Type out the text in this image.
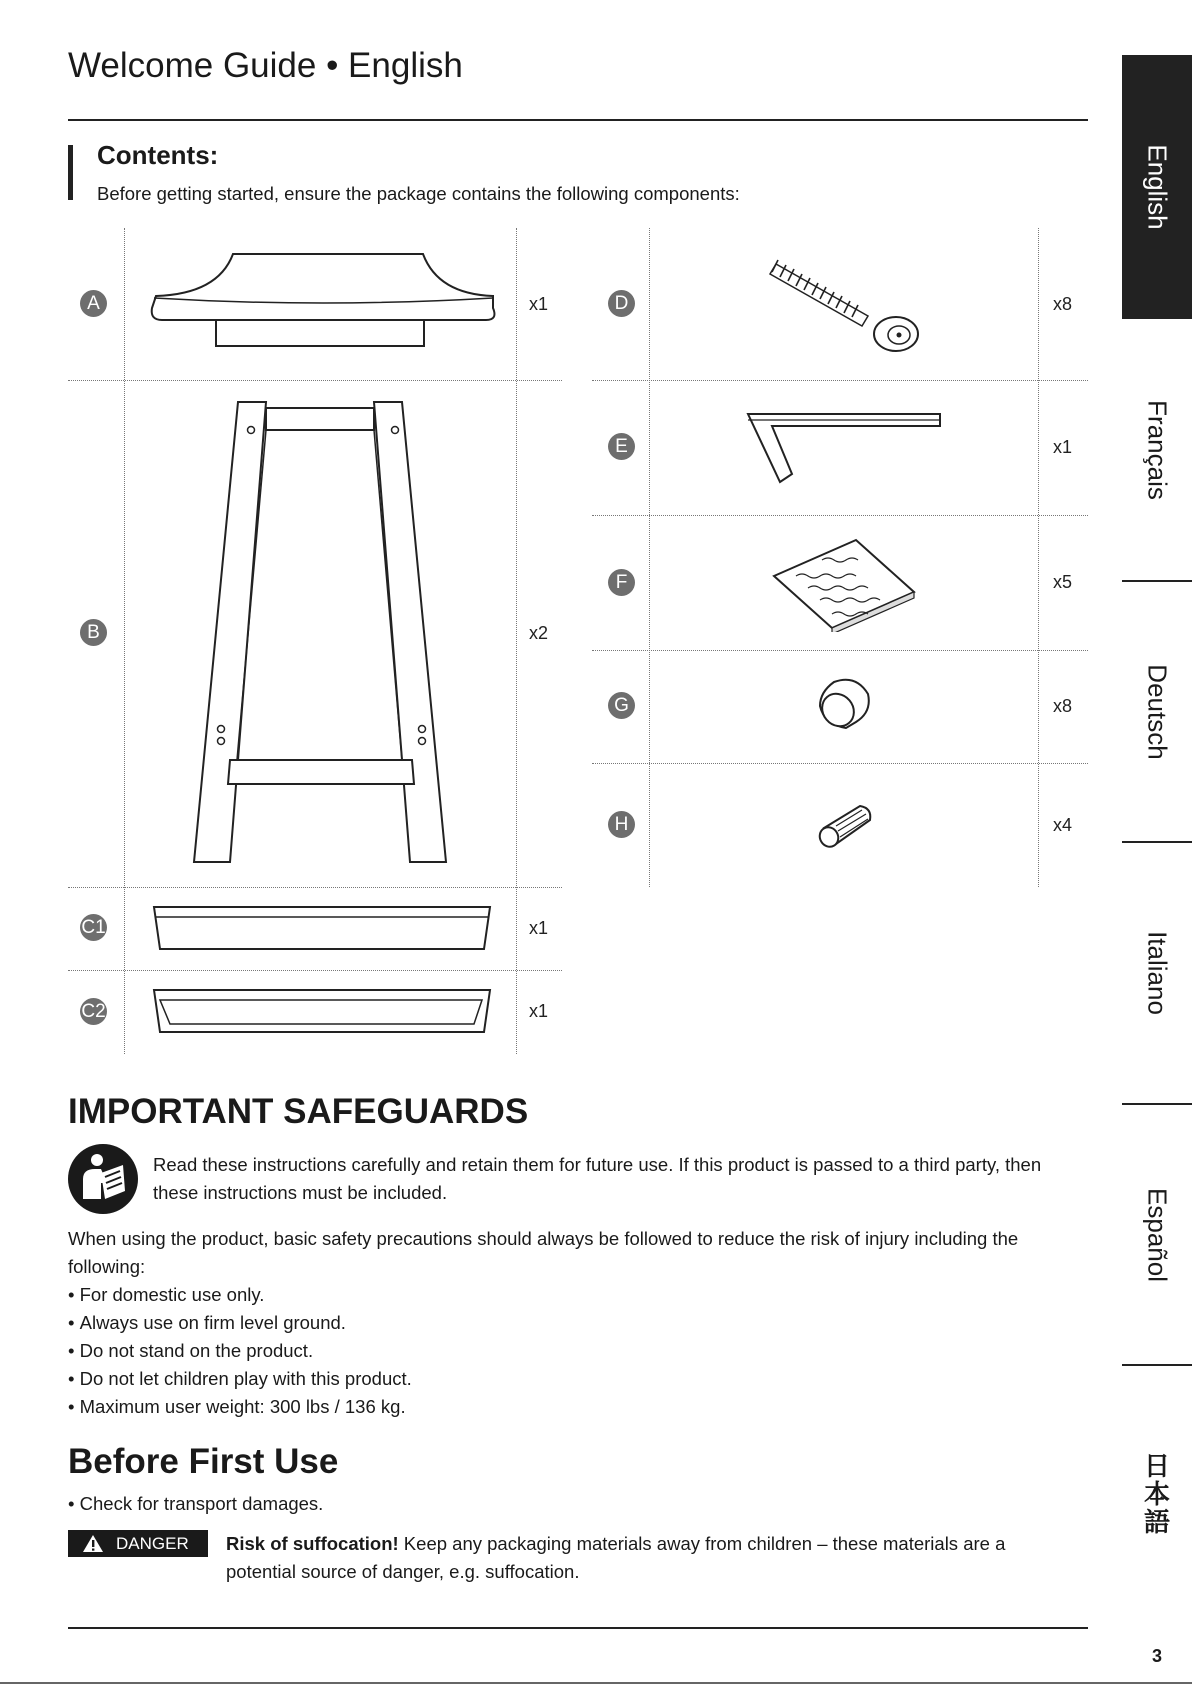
Welcome Guide • English
Contents:
Before getting started, ensure the package contains the following components:
A	x1
B	x2
C1	x1
C2	x1
D	x8
E	x1
F	x5
G	x8
H	x4
IMPORTANT SAFEGUARDS
Read these instructions carefully and retain them for future use. If this product is passed to a third party, then
these instructions must be included.
When using the product, basic safety precautions should always be followed to reduce the risk of injury including the
following:
• For domestic use only.
• Always use on firm level ground.
• Do not stand on the product.
• Do not let children play with this product.
• Maximum user weight: 300 lbs / 136 kg.
Before First Use
• Check for transport damages.
DANGER Risk of suffocation! Keep any packaging materials away from children – these materials are a
potential source of danger, e.g. suffocation.
3
English
Français
Deutsch
Italiano
Español
日本語
